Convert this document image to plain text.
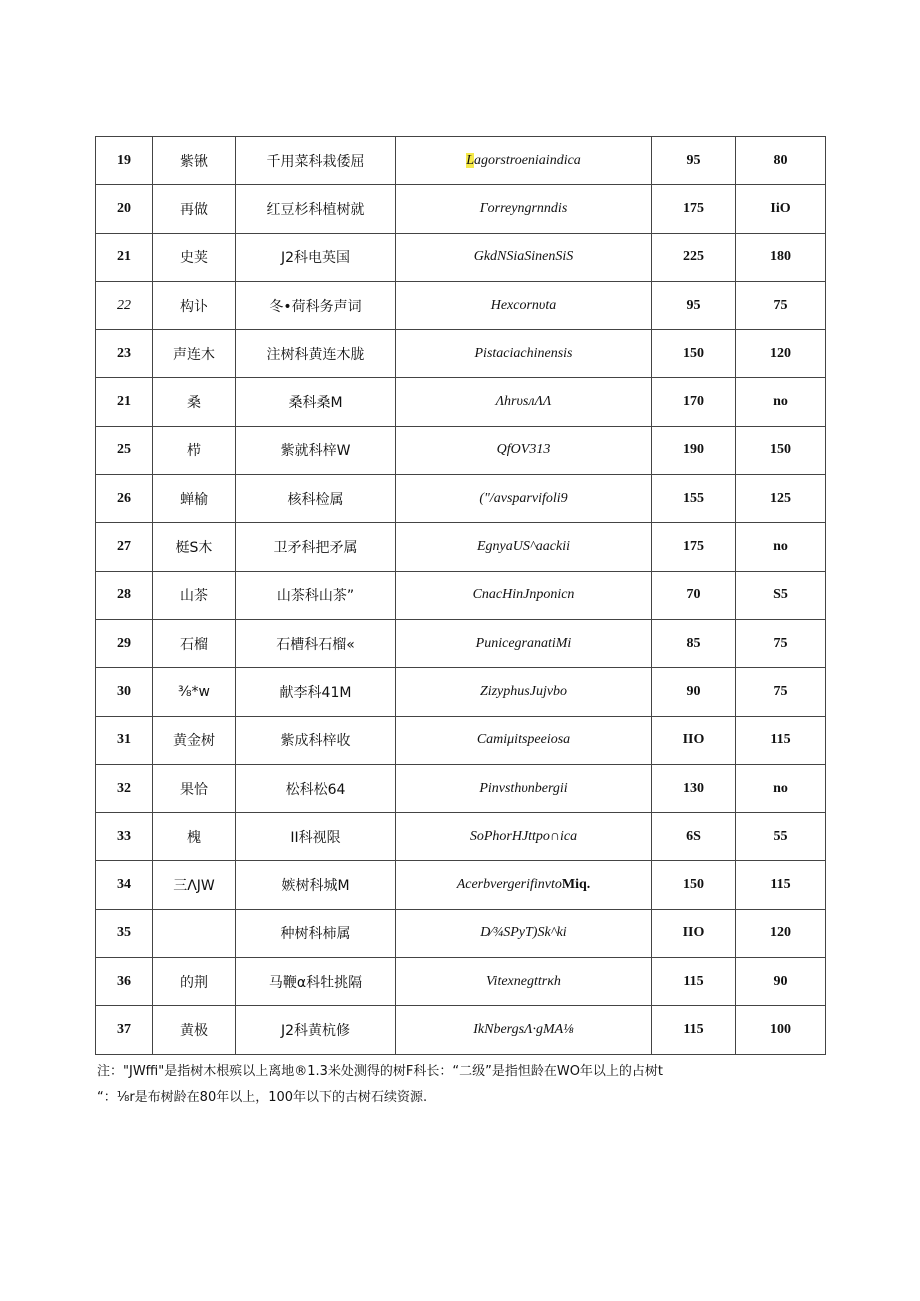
19	紫锹	千用菜科栽倭屈	Lagorstroeniaindica	95	80
20	再做	红豆杉科植树就	Γorreyngrnndis	175	IiO
21	史荚	J2科电英国	GkdNSiaSinenSiS	225	180
22	构讣	冬•荷科务声词	Hexcornυta	95	75
23	声连木	注树科黄连木胧	Pistaciachinensis	150	120
21	桑	桑科桑M	ΛhrυsлΛΛ	170	no
25	栉	紫就科梓W	QfOV313	190	150
26	蝉榆	核科检属	("/avsparvifoli9	155	125
27	梃S木	卫矛科把矛属	EgnyaUS^aackii	175	no
28	山茶	山茶科山茶”	CnacHinJnponicn	70	S5
29	石榴	石槽科石榴«	PunicegranatiMi	85	75
30	⅜*w	献李科41M	ZizyphusJujvbo	90	75
31	黄金树	紫成科梓收	Camiμitspeeiosa	IIO	115
32	果恰	松科松64	Pinvsthυnbergii	130	no
33	槐	II科视限	SoPhorHJttpo∩ica	6S	55
34	三ΛJW	嫉树科城M	AcerbvergerifinvtoMiq.	150	115
35		种树科柿属	D∕¾SPyT)Sk^ki	IIO	120
36	的荆	马鞭α科牡挑隔	Vitexnegttrκh	115	90
37	黄极	J2科黄杭修	IkNbergsΛ∙gMA⅛	115	100
注："JWffi"是指树木根殡以上离地®1.3米处测得的树F科长：“二级”是指怛龄在WO年以上的占树t
“：⅛r是布树龄在80年以上，100年以下的古树石续资源.
